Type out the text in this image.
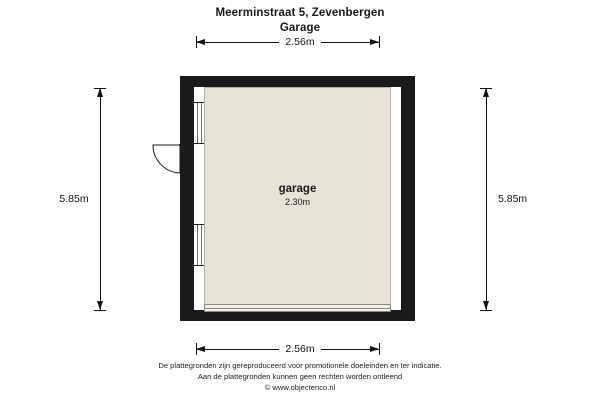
Meerminstraat 5, Zevenbergen
Garage
2.56m
5.85m	5.85m
2.56m
garage
2.30m
De plattegronden zijn gereproduceerd voor promotionele doeleinden en ter indicatie.
Aan de plattegronden kunnen geen rechten worden ontleend
© www.objectenco.nl
